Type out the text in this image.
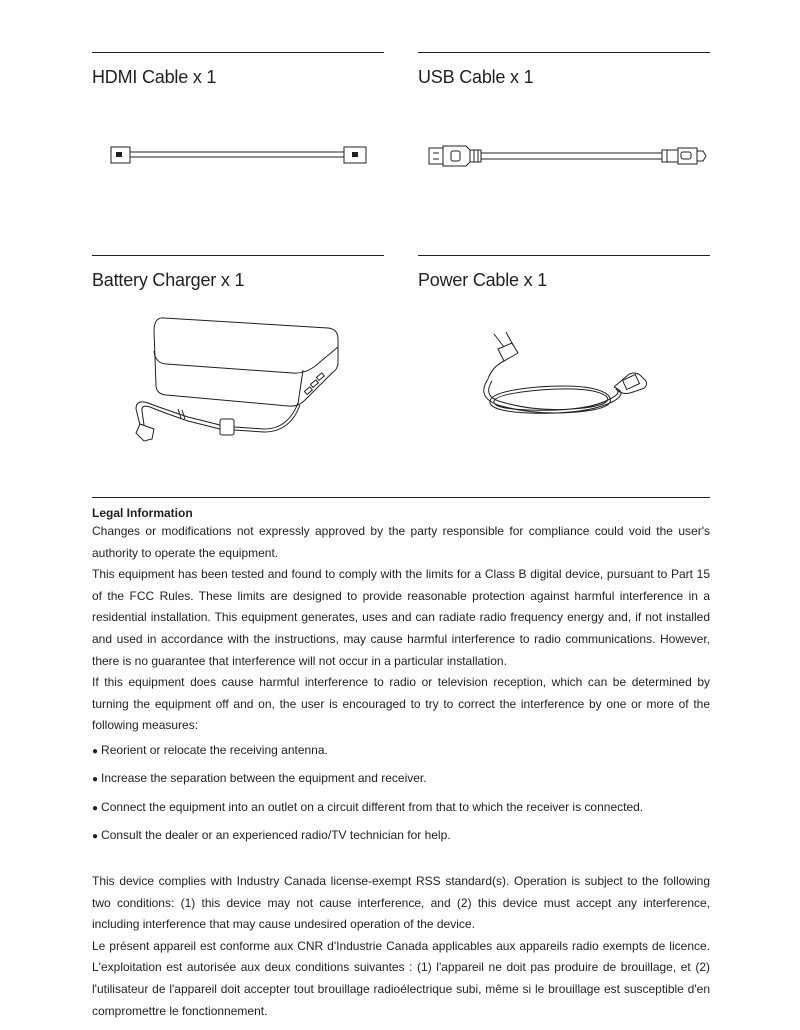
HDMI Cable x 1	USB Cable x 1
Battery Charger x 1	Power Cable x 1
Legal Information

Changes or modifications not expressly approved by the party responsible for compliance could void the user's authority to operate the equipment.

This equipment has been tested and found to comply with the limits for a Class B digital device, pursuant to Part 15 of the FCC Rules. These limits are designed to provide reasonable protection against harmful interference in a residential installation. This equipment generates, uses and can radiate radio frequency energy and, if not installed and used in accordance with the instructions, may cause harmful interference to radio communications. However, there is no guarantee that interference will not occur in a particular installation.

If this equipment does cause harmful interference to radio or television reception, which can be determined by turning the equipment off and on, the user is encouraged to try to correct the interference by one or more of the following measures:

● Reorient or relocate the receiving antenna.
● Increase the separation between the equipment and receiver.
● Connect the equipment into an outlet on a circuit different from that to which the receiver is connected.
● Consult the dealer or an experienced radio/TV technician for help.

This device complies with Industry Canada license-exempt RSS standard(s). Operation is subject to the following two conditions: (1) this device may not cause interference, and (2) this device must accept any interference, including interference that may cause undesired operation of the device.

Le présent appareil est conforme aux CNR d'Industrie Canada applicables aux appareils radio exempts de licence. L'exploitation est autorisée aux deux conditions suivantes : (1) l'appareil ne doit pas produire de brouillage, et (2) l'utilisateur de l'appareil doit accepter tout brouillage radioélectrique subi, même si le brouillage est susceptible d'en compromettre le fonctionnement.
